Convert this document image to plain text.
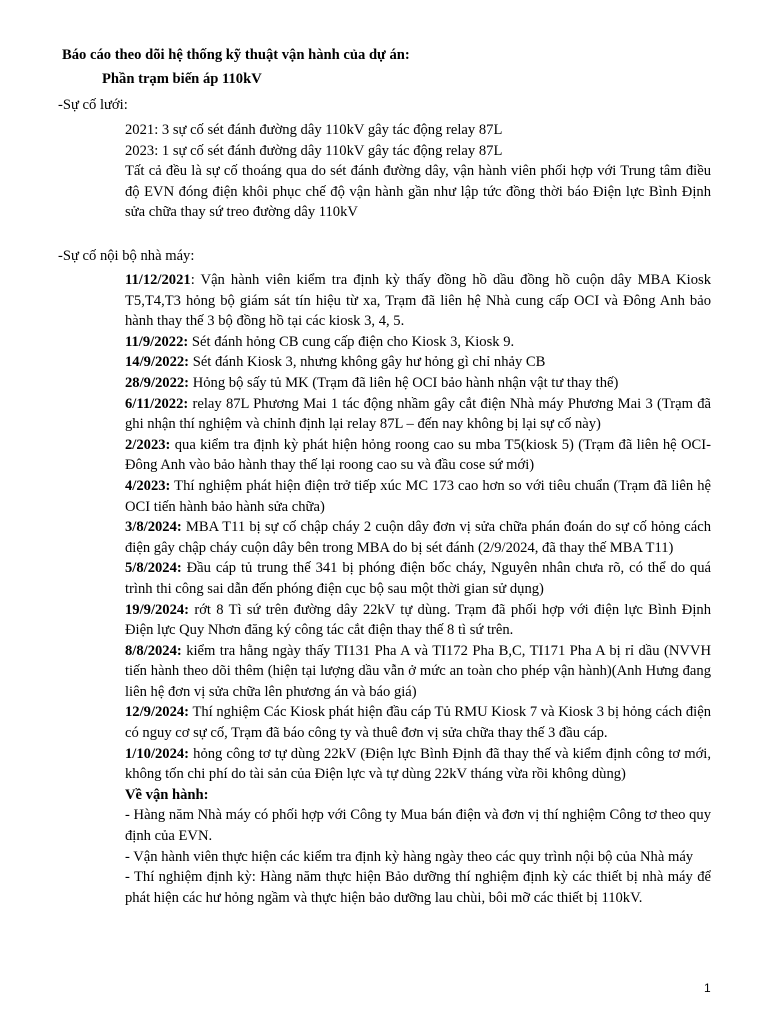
Báo cáo theo dõi hệ thống kỹ thuật vận hành của dự án:
Phần trạm biến áp 110kV
-Sự cố lưới:

2021: 3 sự cố sét đánh đường dây 110kV gây tác động relay 87L

2023: 1 sự cố sét đánh đường dây 110kV gây tác động relay 87L

Tất cả đều là sự cố thoáng qua do sét đánh đường dây, vận hành viên phối hợp với Trung tâm điều độ EVN đóng điện khôi phục chế độ vận hành gần như lập tức đồng thời báo Điện lực Bình Định sửa chữa thay sứ treo đường dây 110kV

-Sự cố nội bộ nhà máy:

11/12/2021: Vận hành viên kiểm tra định kỳ thấy đồng hồ dầu đồng hồ cuộn dây MBA Kiosk T5,T4,T3 hỏng bộ giám sát tín hiệu từ xa, Trạm đã liên hệ Nhà cung cấp OCI và Đông Anh bảo hành thay thế 3 bộ đồng hồ tại các kiosk 3, 4, 5.

11/9/2022: Sét đánh hỏng CB cung cấp điện cho Kiosk 3, Kiosk 9.

14/9/2022: Sét đánh Kiosk 3, nhưng không gây hư hỏng gì chỉ nhảy CB

28/9/2022: Hỏng bộ sấy tủ MK (Trạm đã liên hệ OCI bảo hành nhận vật tư thay thế)

6/11/2022: relay 87L Phương Mai 1 tác động nhầm gây cắt điện Nhà máy Phương Mai 3 (Trạm đã ghi nhận thí nghiệm và chỉnh định lại relay 87L – đến nay không bị lại sự cố này)

2/2023: qua kiểm tra định kỳ phát hiện hỏng roong cao su mba T5(kiosk 5) (Trạm đã liên hệ OCI- Đông Anh vào bảo hành thay thế lại roong cao su và đầu cose sứ mới)

4/2023: Thí nghiệm phát hiện điện trở tiếp xúc MC 173 cao hơn so với tiêu chuẩn (Trạm đã liên hệ OCI tiến hành bảo hành sửa chữa)

3/8/2024: MBA T11 bị sự cố chập cháy 2 cuộn dây đơn vị sửa chữa phán đoán do sự cố hỏng cách điện gây chập cháy cuộn dây bên trong MBA do bị sét đánh (2/9/2024, đã thay thế MBA T11)

5/8/2024: Đầu cáp tủ trung thế 341 bị phóng điện bốc cháy, Nguyên nhân chưa rõ, có thể do quá trình thi công sai dẫn đến phóng điện cục bộ sau một thời gian sử dụng)

19/9/2024: rớt 8 Tì sứ trên đường dây 22kV tự dùng. Trạm đã phối hợp với điện lực Bình Định Điện lực Quy Nhơn đăng ký công tác cắt điện thay thế 8 tì sứ trên.

8/8/2024: kiểm tra hằng ngày thấy TI131 Pha A và TI172 Pha B,C, TI171 Pha A bị rỉ dầu (NVVH tiến hành theo dõi thêm (hiện tại lượng dầu vẫn ở mức an toàn cho phép vận hành)(Anh Hưng đang liên hệ đơn vị sửa chữa lên phương án và báo giá)

12/9/2024: Thí nghiệm Các Kiosk phát hiện đầu cáp Tủ RMU Kiosk 7 và Kiosk 3 bị hỏng cách điện có nguy cơ sự cố, Trạm đã báo công ty và thuê đơn vị sửa chữa thay thế 3 đầu cáp.

1/10/2024: hỏng công tơ tự dùng 22kV (Điện lực Bình Định đã thay thế và kiểm định công tơ mới, không tốn chi phí do tài sản của Điện lực và tự dùng 22kV tháng vừa rồi không dùng)

Về vận hành:

- Hàng năm Nhà máy có phối hợp với Công ty Mua bán điện và đơn vị thí nghiệm Công tơ theo quy định của EVN.

- Vận hành viên thực hiện các kiểm tra định kỳ hàng ngày theo các quy trình nội bộ của Nhà máy

- Thí nghiệm định kỳ: Hàng năm thực hiện Bảo dưỡng thí nghiệm định kỳ các thiết bị nhà máy để phát hiện các hư hỏng ngầm và thực hiện bảo dưỡng lau chùi, bôi mỡ các thiết bị 110kV.

1
